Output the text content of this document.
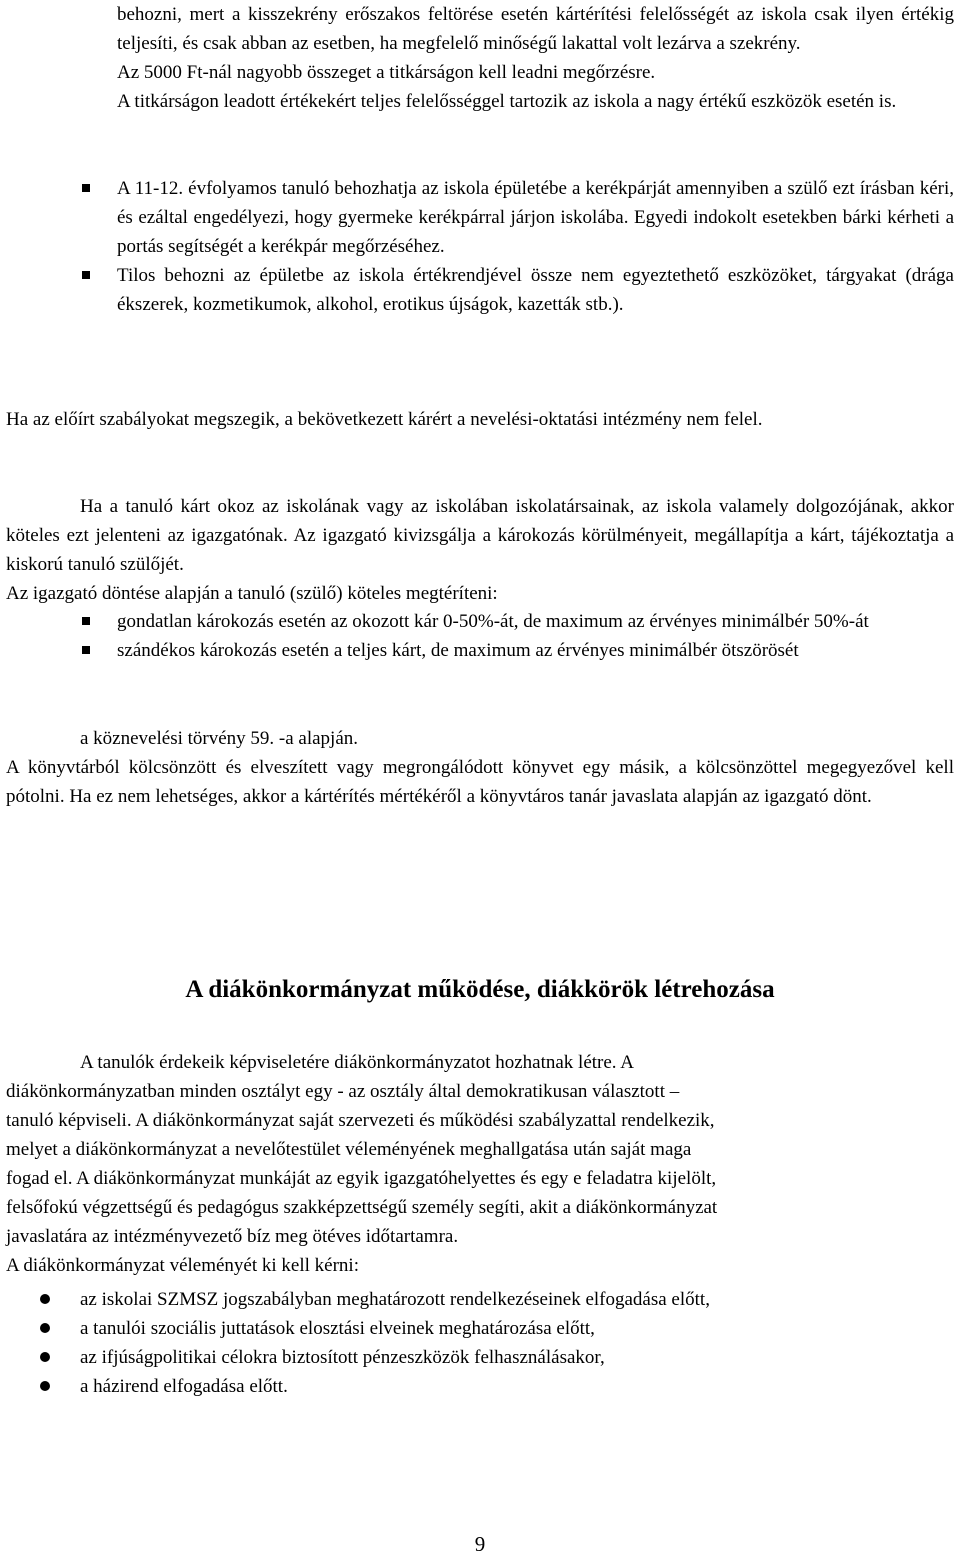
behozni, mert a kisszekrény erőszakos feltörése esetén kártérítési felelősségét az iskola csak ilyen értékig teljesíti, és csak abban az esetben, ha megfelelő minőségű lakattal volt lezárva a szekrény.
Az 5000 Ft-nál nagyobb összeget a titkárságon kell leadni megőrzésre.
A titkárságon leadott értékekért teljes felelősséggel tartozik az iskola a nagy értékű eszközök esetén is.
A 11-12. évfolyamos tanuló behozhatja az iskola épületébe a kerékpárját amennyiben a szülő ezt írásban kéri, és ezáltal engedélyezi, hogy gyermeke kerékpárral járjon iskolába. Egyedi indokolt esetekben bárki kérheti a portás segítségét a kerékpár megőrzéséhez.
Tilos behozni az épületbe az iskola értékrendjével össze nem egyeztethető eszközöket, tárgyakat (drága ékszerek, kozmetikumok, alkohol, erotikus újságok, kazetták stb.).
Ha az előírt szabályokat megszegik, a bekövetkezett kárért a nevelési-oktatási intézmény nem felel.
Ha a tanuló kárt okoz az iskolának vagy az iskolában iskolatársainak, az iskola valamely dolgozójának, akkor köteles ezt jelenteni az igazgatónak. Az igazgató kivizsgálja a károkozás körülményeit, megállapítja a kárt, tájékoztatja a kiskorú tanuló szülőjét.
Az igazgató döntése alapján a tanuló (szülő) köteles megtéríteni:
gondatlan károkozás esetén az okozott kár 0-50%-át, de maximum az érvényes minimálbér 50%-át
szándékos károkozás esetén a teljes kárt, de maximum az érvényes minimálbér ötszörösét
a köznevelési törvény 59. -a alapján.
A könyvtárból kölcsönzött és elveszített vagy megrongálódott könyvet egy másik, a kölcsönzöttel megegyezővel kell pótolni. Ha ez nem lehetséges, akkor a kártérítés mértékéről a könyvtáros tanár javaslata alapján az igazgató dönt.
A diákönkormányzat működése, diákkörök létrehozása
A tanulók érdekeik képviseletére diákönkormányzatot hozhatnak létre. A
diákönkormányzatban minden osztályt egy - az osztály által demokratikusan választott –
tanuló képviseli. A diákönkormányzat saját szervezeti és működési szabályzattal rendelkezik,
melyet a diákönkormányzat a nevelőtestület véleményének meghallgatása után saját maga
fogad el. A diákönkormányzat munkáját az egyik igazgatóhelyettes és egy e feladatra kijelölt,
felsőfokú végzettségű és pedagógus szakképzettségű személy segíti, akit a diákönkormányzat
javaslatára az intézményvezető bíz meg ötéves időtartamra.
A diákönkormányzat véleményét ki kell kérni:
az iskolai SZMSZ jogszabályban meghatározott rendelkezéseinek elfogadása előtt,
a tanulói szociális juttatások elosztási elveinek meghatározása előtt,
az ifjúságpolitikai célokra biztosított pénzeszközök felhasználásakor,
a házirend elfogadása előtt.
9
